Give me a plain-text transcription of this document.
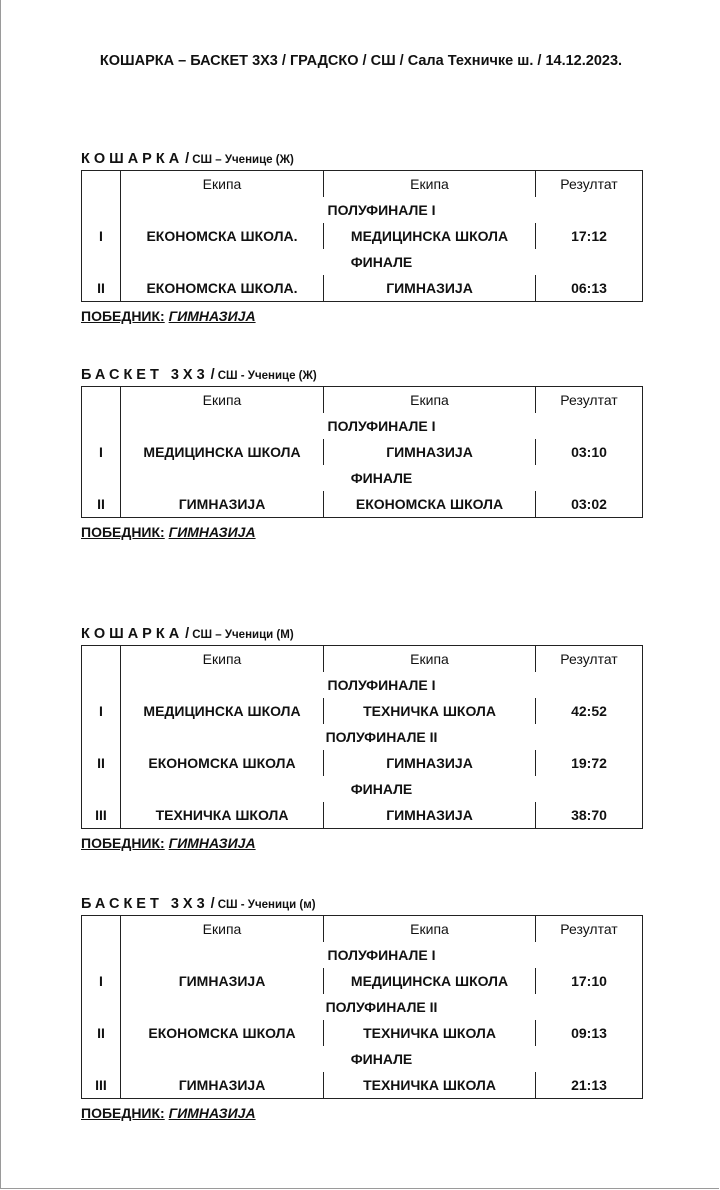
КОШАРКА – БАСКЕТ 3Х3 / ГРАДСКО / СШ / Сала Техничке ш. / 14.12.2023.
КОШАРКА / СШ – Ученице (Ж)
	Екипа	Екипа	Резултат
	ПОЛУФИНАЛЕ I		
I	ЕКОНОМСКА ШКОЛА.	МЕДИЦИНСКА ШКОЛА	17:12
	ФИНАЛЕ		
II	ЕКОНОМСКА ШКОЛА.	ГИМНАЗИЈА	06:13
ПОБЕДНИК: ГИМНАЗИЈА
БАСКЕТ 3Х3 / СШ - Ученице (Ж)
	Екипа	Екипа	Резултат
	ПОЛУФИНАЛЕ I		
I	МЕДИЦИНСКА ШКОЛА	ГИМНАЗИЈА	03:10
	ФИНАЛЕ		
II	ГИМНАЗИЈА	ЕКОНОМСКА ШКОЛА	03:02
ПОБЕДНИК: ГИМНАЗИЈА
КОШАРКА / СШ – Ученици (М)
	Екипа	Екипа	Резултат
	ПОЛУФИНАЛЕ I		
I	МЕДИЦИНСКА ШКОЛА	ТЕХНИЧКА ШКОЛА	42:52
	ПОЛУФИНАЛЕ II		
II	ЕКОНОМСКА ШКОЛА	ГИМНАЗИЈА	19:72
	ФИНАЛЕ		
III	ТЕХНИЧКА ШКОЛА	ГИМНАЗИЈА	38:70
ПОБЕДНИК: ГИМНАЗИЈА
БАСКЕТ 3Х3 / СШ - Ученици (м)
	Екипа	Екипа	Резултат
	ПОЛУФИНАЛЕ I		
I	ГИМНАЗИЈА	МЕДИЦИНСКА ШКОЛА	17:10
	ПОЛУФИНАЛЕ II		
II	ЕКОНОМСКА ШКОЛА	ТЕХНИЧКА ШКОЛА	09:13
	ФИНАЛЕ		
III	ГИМНАЗИЈА	ТЕХНИЧКА ШКОЛА	21:13
ПОБЕДНИК: ГИМНАЗИЈА
